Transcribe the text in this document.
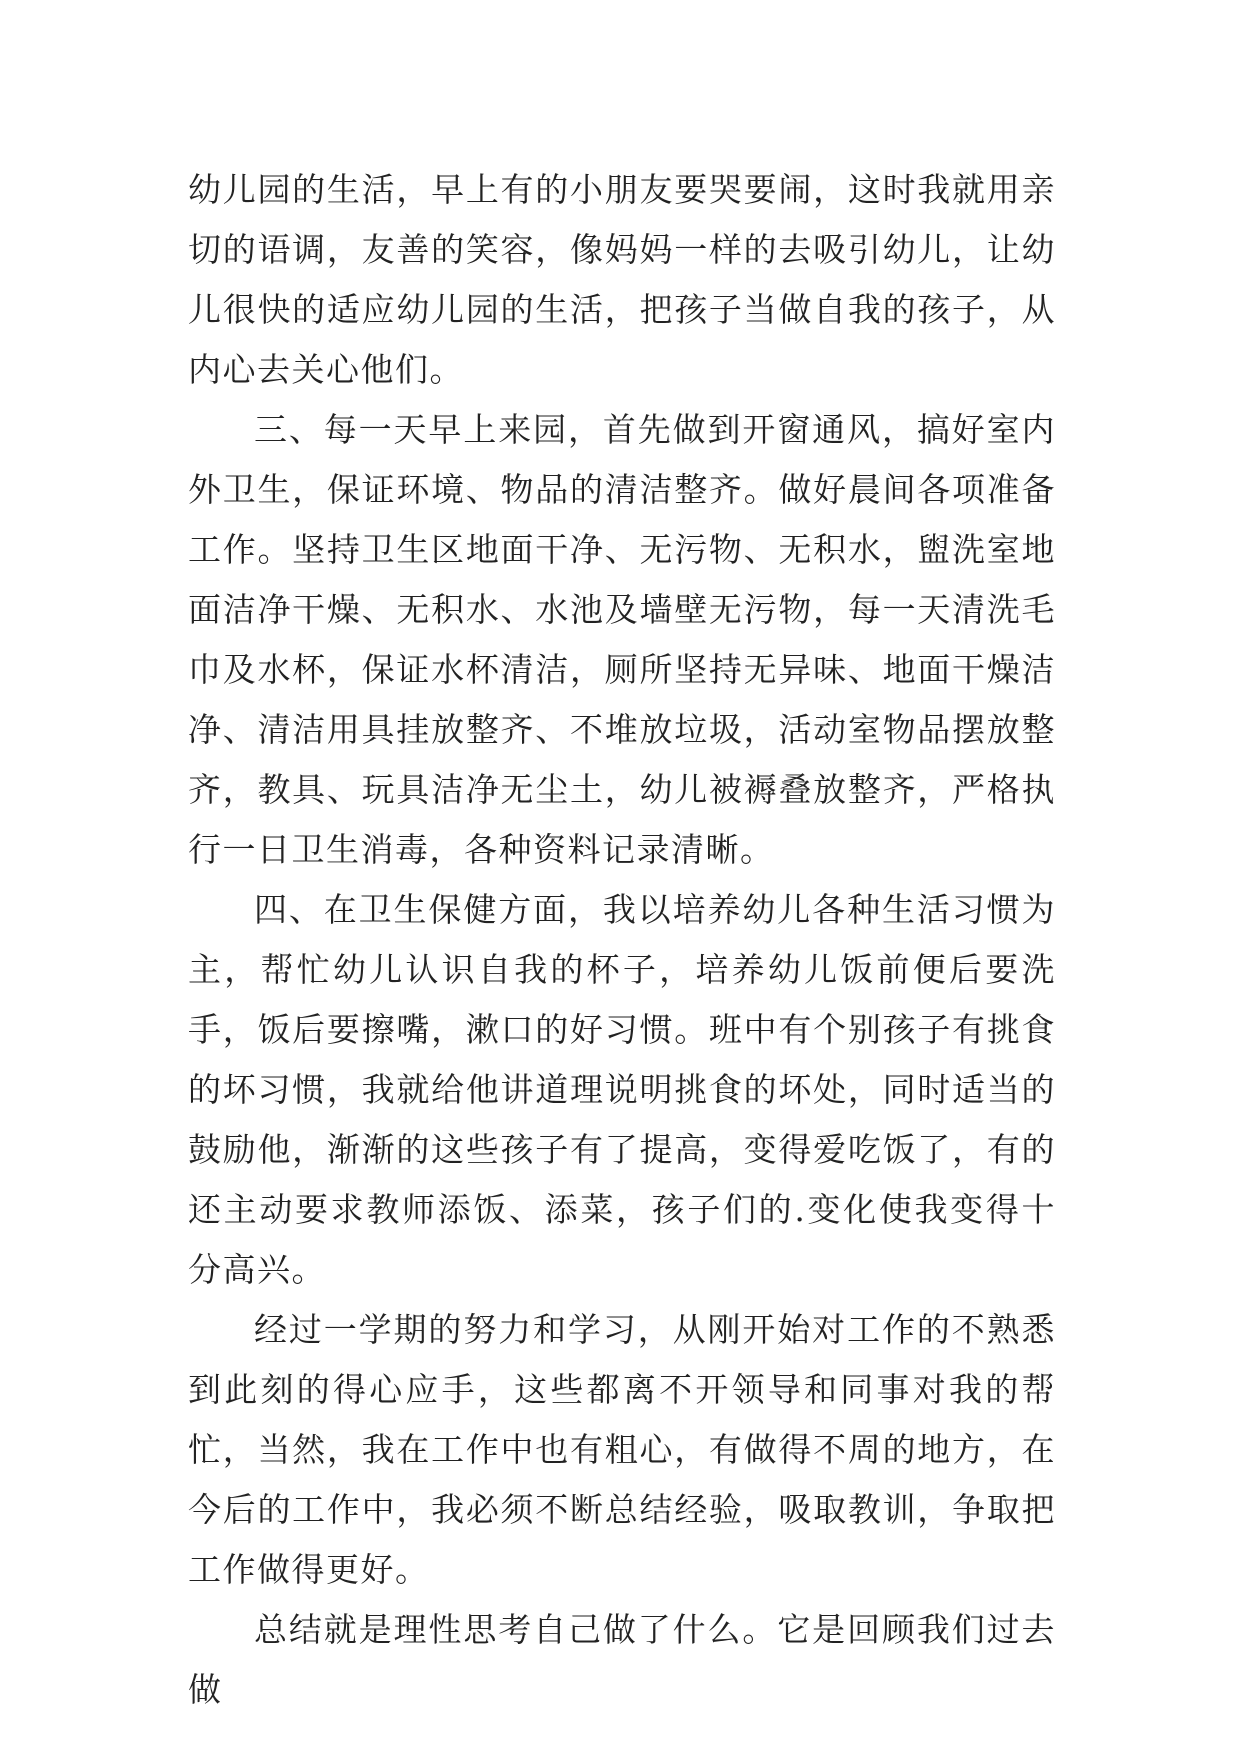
幼儿园的生活，早上有的小朋友要哭要闹，这时我就用亲切的语调，友善的笑容，像妈妈一样的去吸引幼儿，让幼儿很快的适应幼儿园的生活，把孩子当做自我的孩子，从内心去关心他们。

三、每一天早上来园，首先做到开窗通风，搞好室内外卫生，保证环境、物品的清洁整齐。做好晨间各项准备工作。坚持卫生区地面干净、无污物、无积水，盥洗室地面洁净干燥、无积水、水池及墙壁无污物，每一天清洗毛巾及水杯，保证水杯清洁，厕所坚持无异味、地面干燥洁净、清洁用具挂放整齐、不堆放垃圾，活动室物品摆放整齐，教具、玩具洁净无尘土，幼儿被褥叠放整齐，严格执行一日卫生消毒，各种资料记录清晰。

四、在卫生保健方面，我以培养幼儿各种生活习惯为主，帮忙幼儿认识自我的杯子，培养幼儿饭前便后要洗手，饭后要擦嘴，漱口的好习惯。班中有个别孩子有挑食的坏习惯，我就给他讲道理说明挑食的坏处，同时适当的鼓励他，渐渐的这些孩子有了提高，变得爱吃饭了，有的还主动要求教师添饭、添菜，孩子们的.变化使我变得十分高兴。

经过一学期的努力和学习，从刚开始对工作的不熟悉到此刻的得心应手，这些都离不开领导和同事对我的帮忙，当然，我在工作中也有粗心，有做得不周的地方，在今后的工作中，我必须不断总结经验，吸取教训，争取把工作做得更好。

总结就是理性思考自己做了什么。它是回顾我们过去做
